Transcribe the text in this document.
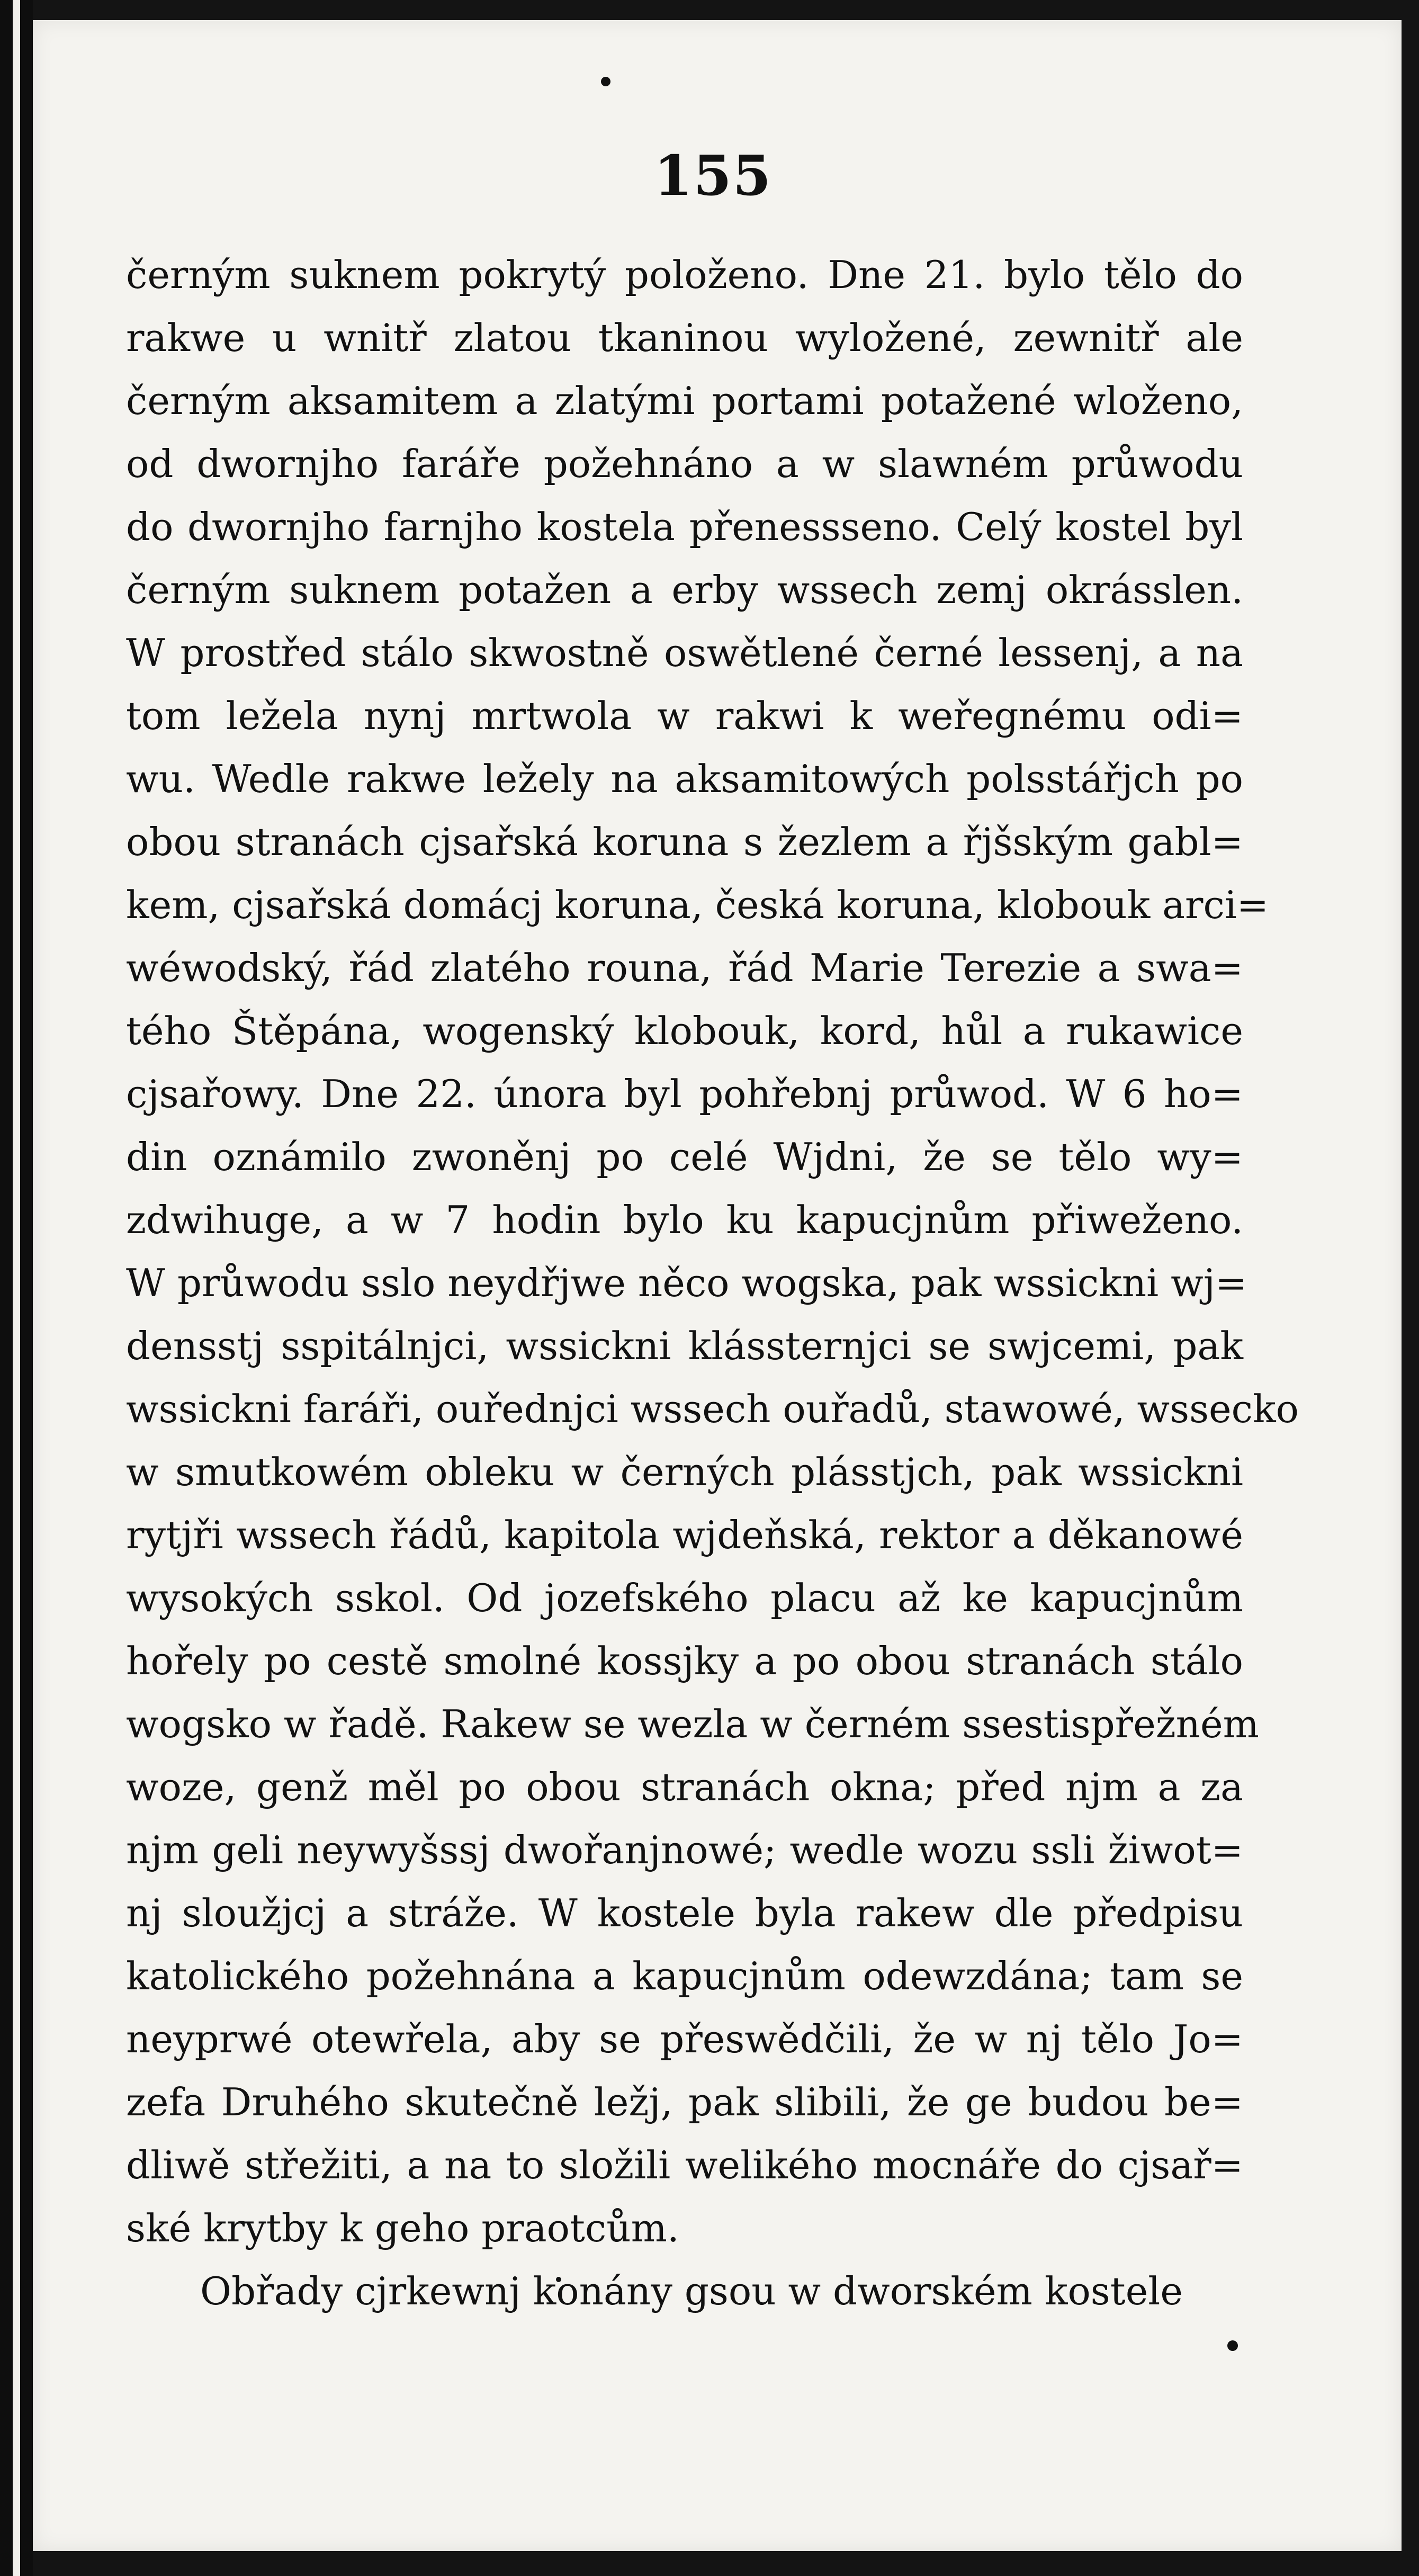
155
černým suknem pokrytý položeno. Dne 21. bylo tělo do
rakwe u wnitř zlatou tkaninou wyložené, zewnitř ale
černým aksamitem a zlatými portami potažené wloženo,
od dwornjho faráře požehnáno a w slawném průwodu
do dwornjho farnjho kostela přenessseno. Celý kostel byl
černým suknem potažen a erby wssech zemj okrásslen.
W prostřed stálo skwostně oswětlené černé lessenj, a na
tom ležela nynj mrtwola w rakwi k weřegnému odi=
wu. Wedle rakwe ležely na aksamitowých polsstářjch po
obou stranách cjsařská koruna s žezlem a řjšským gabl=
kem, cjsařská domácj koruna, česká koruna, klobouk arci=
wéwodský, řád zlatého rouna, řád Marie Terezie a swa=
tého Štěpána, wogenský klobouk, kord, hůl a rukawice
cjsařowy. Dne 22. února byl pohřebnj průwod. W 6 ho=
din oznámilo zwoněnj po celé Wjdni, že se tělo wy=
zdwihuge, a w 7 hodin bylo ku kapucjnům přiweženo.
W průwodu sslo neydřjwe něco wogska, pak wssickni wj=
densstj sspitálnjci, wssickni klássternjci se swjcemi, pak
wssickni faráři, ouřednjci wssech ouřadů, stawowé, wssecko
w smutkowém obleku w černých plásstjch, pak wssickni
rytjři wssech řádů, kapitola wjdeňská, rektor a děkanowé
wysokých sskol. Od jozefského placu až ke kapucjnům
hořely po cestě smolné kossjky a po obou stranách stálo
wogsko w řadě. Rakew se wezla w černém ssestispřežném
woze, genž měl po obou stranách okna; před njm a za
njm geli neywyšssj dwořanjnowé; wedle wozu ssli žiwot=
nj sloužjcj a stráže. W kostele byla rakew dle předpisu
katolického požehnána a kapucjnům odewzdána; tam se
neyprwé otewřela, aby se přeswědčili, že w nj tělo Jo=
zefa Druhého skutečně ležj, pak slibili, že ge budou be=
dliwě střežiti, a na to složili welikého mocnáře do cjsař=
ské krytby k geho praotcům.
Obřady cjrkewnj konány gsou w dworském kostele
